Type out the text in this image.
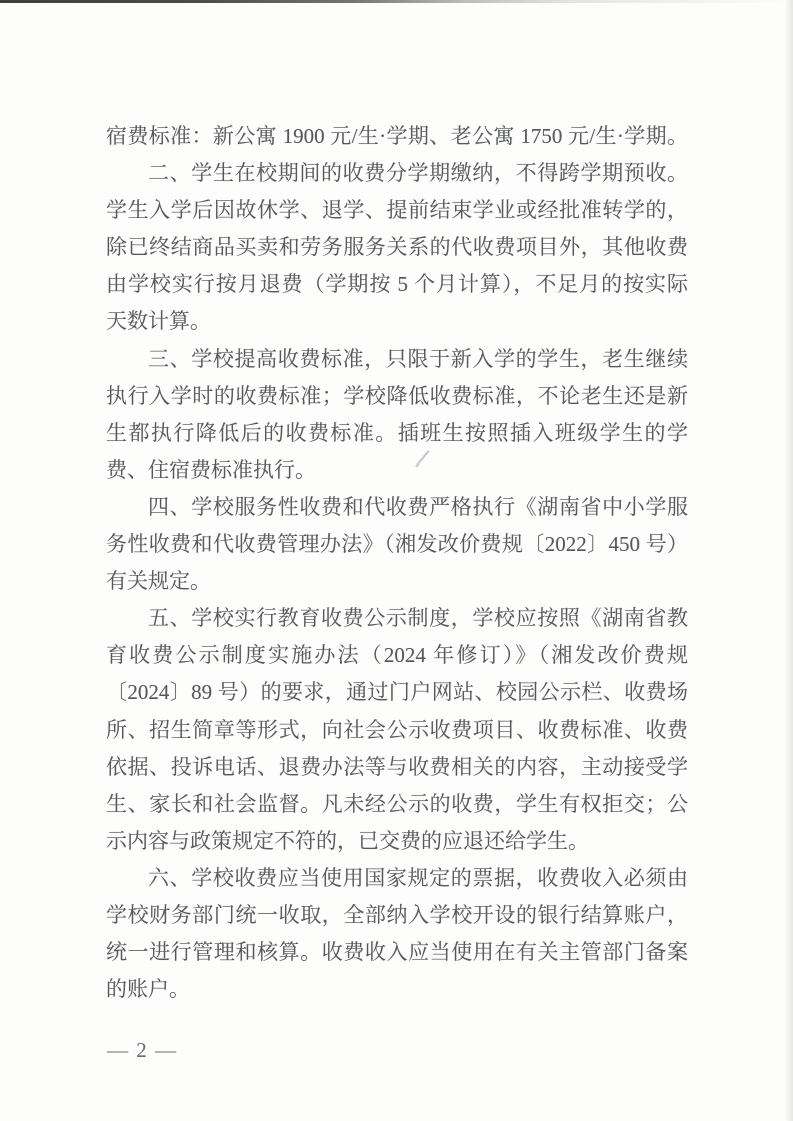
宿费标准：新公寓 1900 元/生·学期、老公寓 1750 元/生·学期。
二、学生在校期间的收费分学期缴纳，不得跨学期预收。
学生入学后因故休学、退学、提前结束学业或经批准转学的，
除已终结商品买卖和劳务服务关系的代收费项目外，其他收费
由学校实行按月退费（学期按 5 个月计算），不足月的按实际
天数计算。
三、学校提高收费标准，只限于新入学的学生，老生继续
执行入学时的收费标准；学校降低收费标准，不论老生还是新
生都执行降低后的收费标准。插班生按照插入班级学生的学
费、住宿费标准执行。
四、学校服务性收费和代收费严格执行《湖南省中小学服
务性收费和代收费管理办法》（湘发改价费规〔2022〕450 号）
有关规定。
五、学校实行教育收费公示制度，学校应按照《湖南省教
育收费公示制度实施办法（2024 年修订）》（湘发改价费规
〔2024〕89 号）的要求，通过门户网站、校园公示栏、收费场
所、招生简章等形式，向社会公示收费项目、收费标准、收费
依据、投诉电话、退费办法等与收费相关的内容，主动接受学
生、家长和社会监督。凡未经公示的收费，学生有权拒交；公
示内容与政策规定不符的，已交费的应退还给学生。
六、学校收费应当使用国家规定的票据，收费收入必须由
学校财务部门统一收取，全部纳入学校开设的银行结算账户，
统一进行管理和核算。收费收入应当使用在有关主管部门备案
的账户。
— 2 —
